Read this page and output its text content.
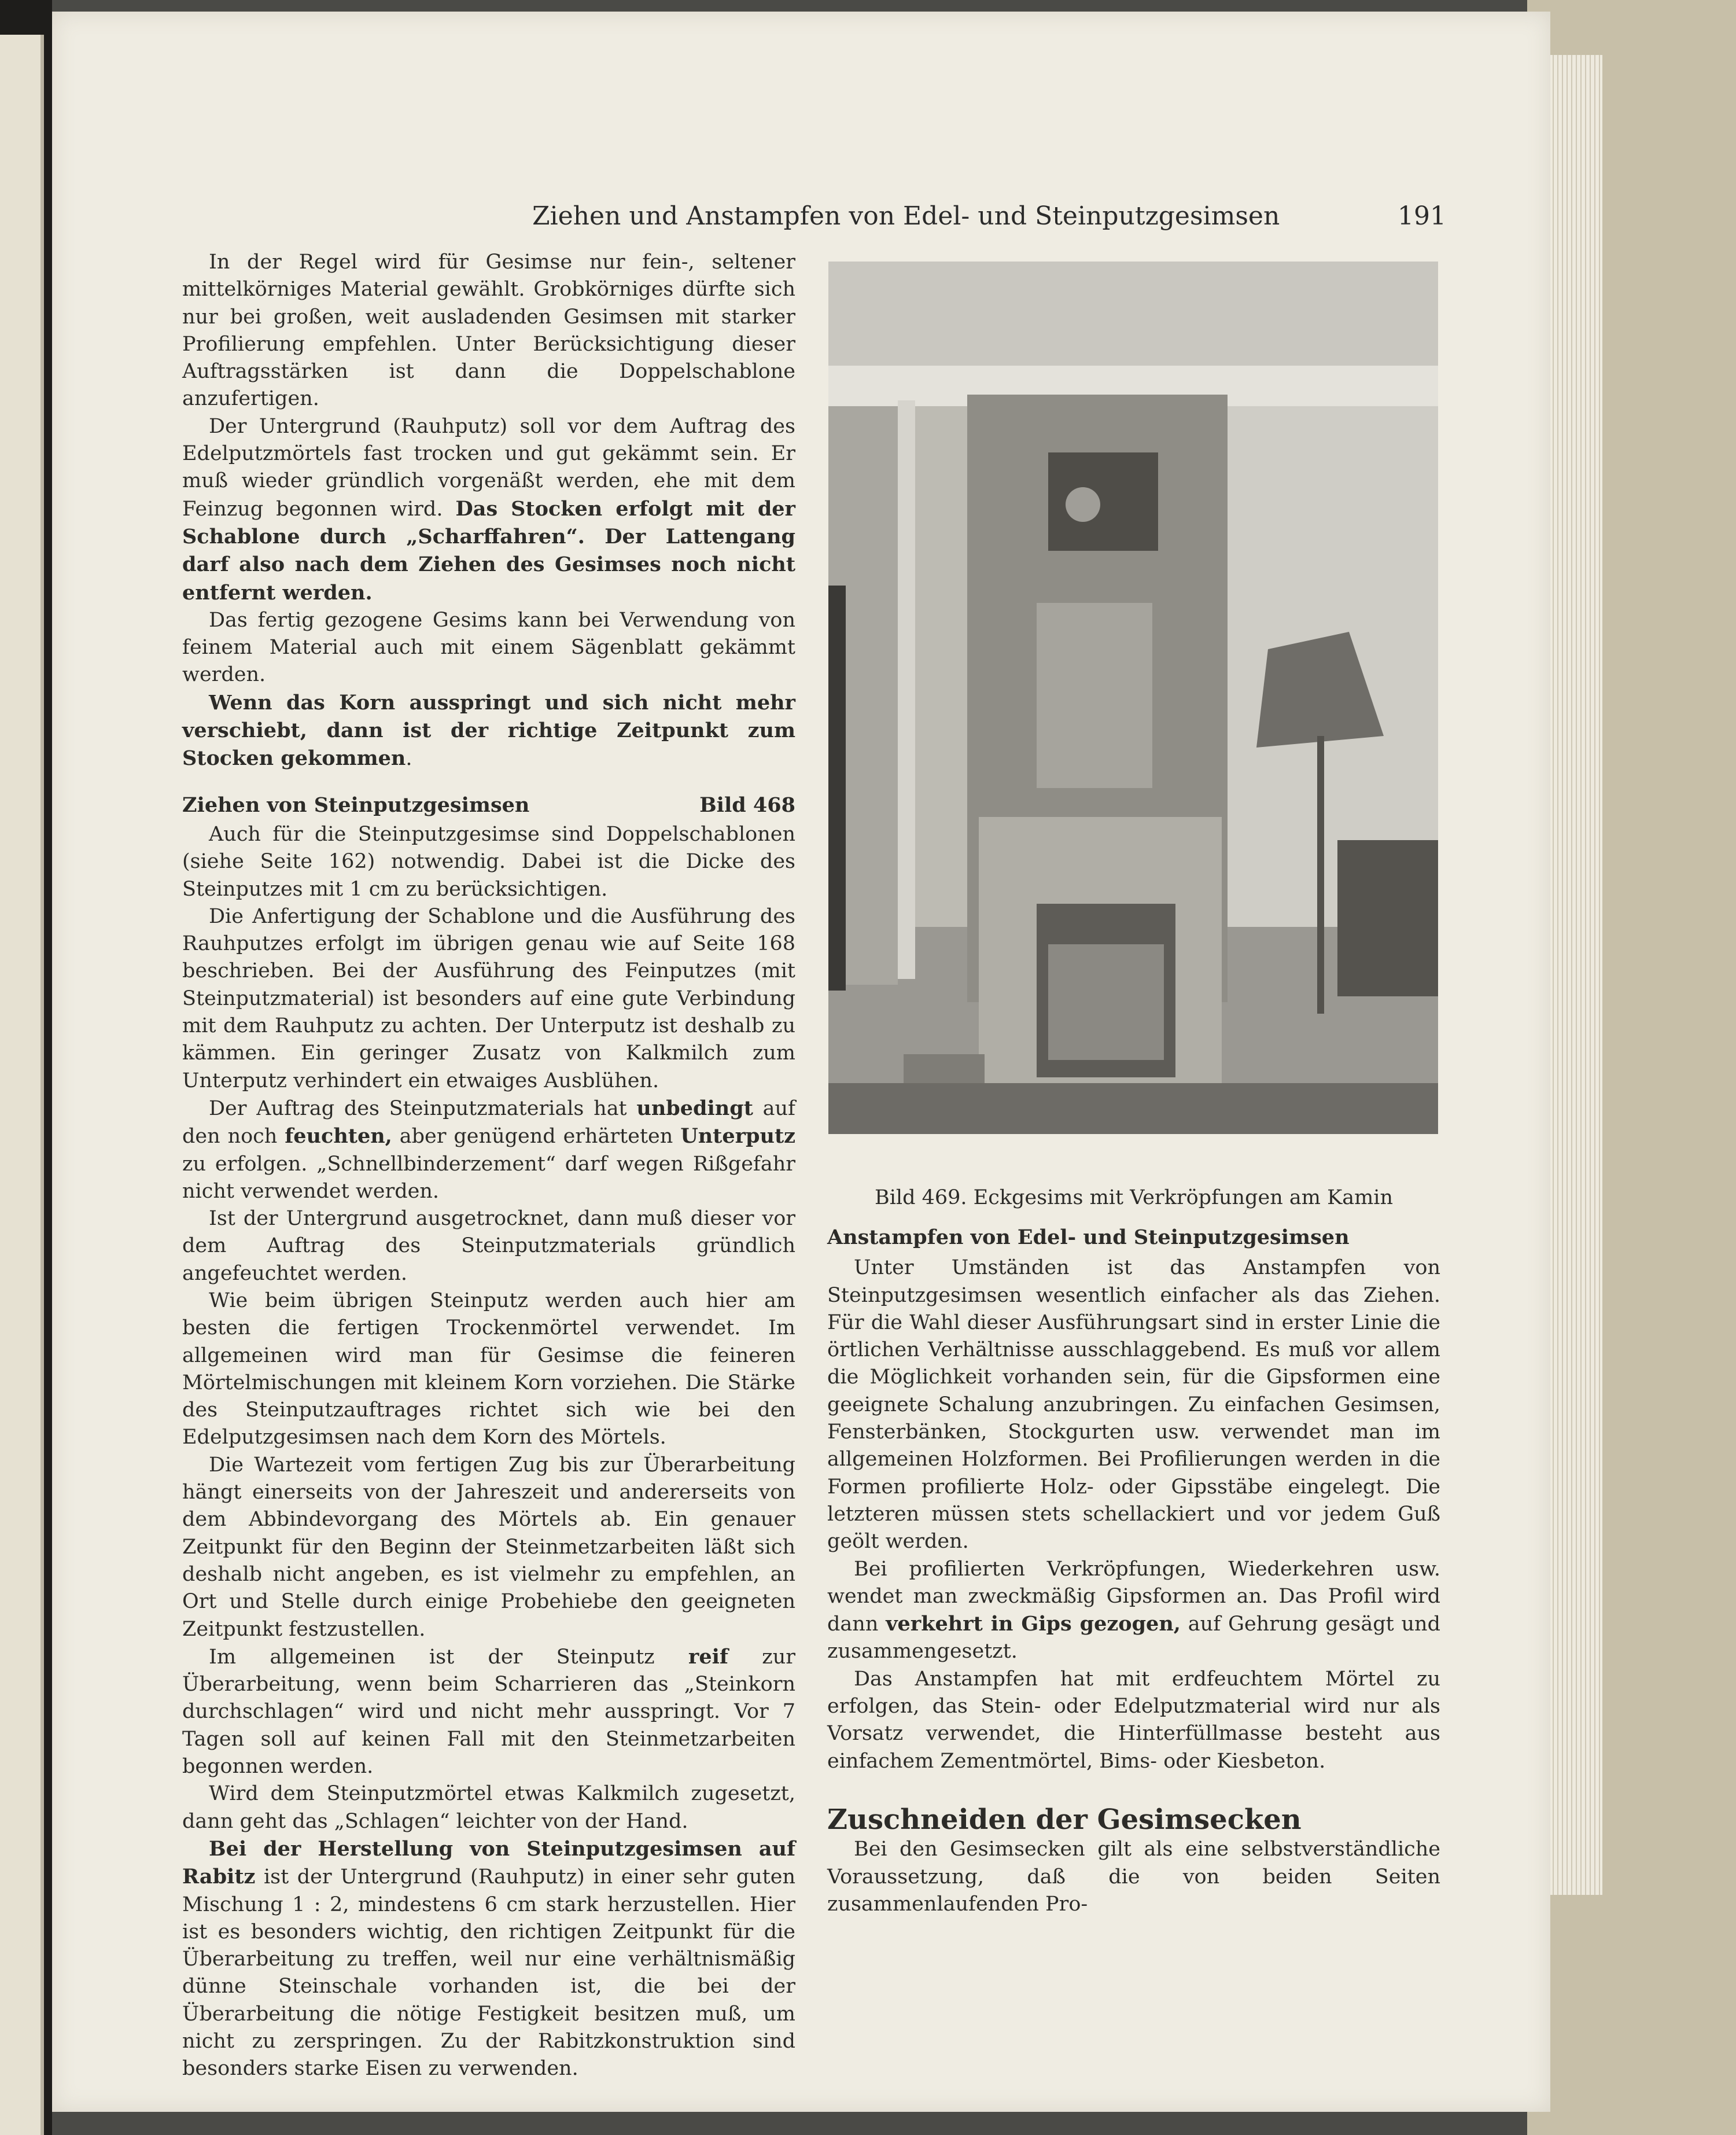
Ziehen und Anstampfen von Edel- und Steinputzgesimsen	191

In der Regel wird für Gesimse nur fein-, seltener mittelkörniges Material gewählt. Grobkörniges dürfte sich nur bei großen, weit ausladenden Gesimsen mit starker Profilierung empfehlen. Unter Berücksichtigung dieser Auftragsstärken ist dann die Doppelschablone anzufertigen.

Der Untergrund (Rauhputz) soll vor dem Auftrag des Edelputzmörtels fast trocken und gut gekämmt sein. Er muß wieder gründlich vorgenäßt werden, ehe mit dem Feinzug begonnen wird. Das Stocken erfolgt mit der Schablone durch „Scharffahren“. Der Lattengang darf also nach dem Ziehen des Gesimses noch nicht entfernt werden.

Das fertig gezogene Gesims kann bei Verwendung von feinem Material auch mit einem Sägenblatt gekämmt werden.

Wenn das Korn ausspringt und sich nicht mehr verschiebt, dann ist der richtige Zeitpunkt zum Stocken gekommen.

Ziehen von Steinputzgesimsen	Bild 468

Auch für die Steinputzgesimse sind Doppelschablonen (siehe Seite 162) notwendig. Dabei ist die Dicke des Steinputzes mit 1 cm zu berücksichtigen.

Die Anfertigung der Schablone und die Ausführung des Rauhputzes erfolgt im übrigen genau wie auf Seite 168 beschrieben. Bei der Ausführung des Feinputzes (mit Steinputzmaterial) ist besonders auf eine gute Verbindung mit dem Rauhputz zu achten. Der Unterputz ist deshalb zu kämmen. Ein geringer Zusatz von Kalkmilch zum Unterputz verhindert ein etwaiges Ausblühen.

Der Auftrag des Steinputzmaterials hat unbedingt auf den noch feuchten, aber genügend erhärteten Unterputz zu erfolgen. „Schnellbinderzement“ darf wegen Rißgefahr nicht verwendet werden.

Ist der Untergrund ausgetrocknet, dann muß dieser vor dem Auftrag des Steinputzmaterials gründlich angefeuchtet werden.

Wie beim übrigen Steinputz werden auch hier am besten die fertigen Trockenmörtel verwendet. Im allgemeinen wird man für Gesimse die feineren Mörtelmischungen mit kleinem Korn vorziehen. Die Stärke des Steinputzauftrages richtet sich wie bei den Edelputzgesimsen nach dem Korn des Mörtels.

Die Wartezeit vom fertigen Zug bis zur Überarbeitung hängt einerseits von der Jahreszeit und andererseits von dem Abbindevorgang des Mörtels ab. Ein genauer Zeitpunkt für den Beginn der Steinmetzarbeiten läßt sich deshalb nicht angeben, es ist vielmehr zu empfehlen, an Ort und Stelle durch einige Probehiebe den geeigneten Zeitpunkt festzustellen.

Im allgemeinen ist der Steinputz reif zur Überarbeitung, wenn beim Scharrieren das „Steinkorn durchschlagen“ wird und nicht mehr ausspringt. Vor 7 Tagen soll auf keinen Fall mit den Steinmetzarbeiten begonnen werden.

Wird dem Steinputzmörtel etwas Kalkmilch zugesetzt, dann geht das „Schlagen“ leichter von der Hand.

Bei der Herstellung von Steinputzgesimsen auf Rabitz ist der Untergrund (Rauhputz) in einer sehr guten Mischung 1 : 2, mindestens 6 cm stark herzustellen. Hier ist es besonders wichtig, den richtigen Zeitpunkt für die Überarbeitung zu treffen, weil nur eine verhältnismäßig dünne Steinschale vorhanden ist, die bei der Überarbeitung die nötige Festigkeit besitzen muß, um nicht zu zerspringen. Zu der Rabitzkonstruktion sind besonders starke Eisen zu verwenden.

Bild 469. Eckgesims mit Verkröpfungen am Kamin
Anstampfen von Edel- und Steinputzgesimsen

Unter Umständen ist das Anstampfen von Steinputzgesimsen wesentlich einfacher als das Ziehen. Für die Wahl dieser Ausführungsart sind in erster Linie die örtlichen Verhältnisse ausschlaggebend. Es muß vor allem die Möglichkeit vorhanden sein, für die Gipsformen eine geeignete Schalung anzubringen. Zu einfachen Gesimsen, Fensterbänken, Stockgurten usw. verwendet man im allgemeinen Holzformen. Bei Profilierungen werden in die Formen profilierte Holz- oder Gipsstäbe eingelegt. Die letzteren müssen stets schellackiert und vor jedem Guß geölt werden.

Bei profilierten Verkröpfungen, Wiederkehren usw. wendet man zweckmäßig Gipsformen an. Das Profil wird dann verkehrt in Gips gezogen, auf Gehrung gesägt und zusammengesetzt.

Das Anstampfen hat mit erdfeuchtem Mörtel zu erfolgen, das Stein- oder Edelputzmaterial wird nur als Vorsatz verwendet, die Hinterfüllmasse besteht aus einfachem Zementmörtel, Bims- oder Kiesbeton.

Zuschneiden der Gesimsecken

Bei den Gesimsecken gilt als eine selbstverständliche Voraussetzung, daß die von beiden Seiten zusammenlaufenden Pro-
